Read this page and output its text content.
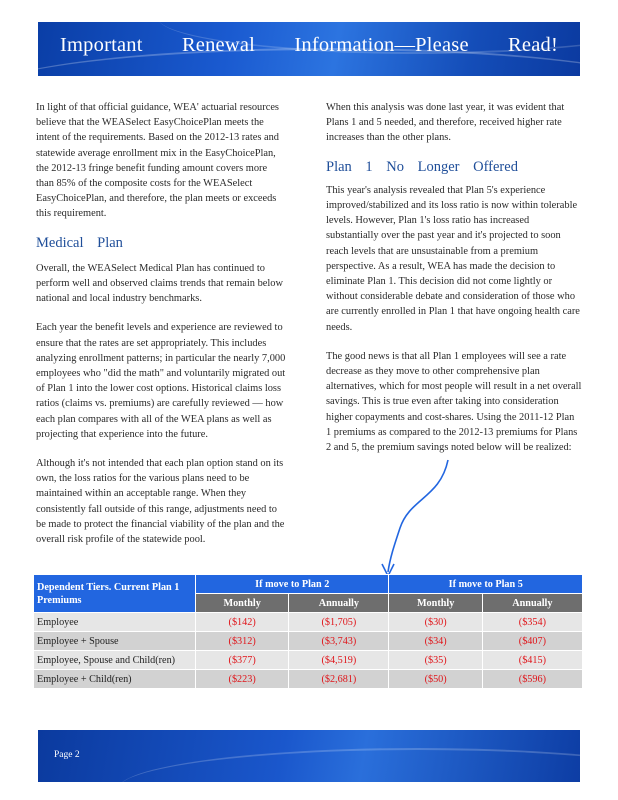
Important Renewal Information—Please Read!

In light of that official guidance, WEA' actuarial resources believe that the WEASelect EasyChoicePlan meets the intent of the requirements. Based on the 2012-13 rates and statewide average enrollment mix in the EasyChoicePlan, the 2012-13 fringe benefit funding amount covers more than 85% of the composite costs for the WEASelect EasyChoicePlan, and therefore, the plan meets or exceeds this requirement.

Medical Plan

Overall, the WEASelect Medical Plan has continued to perform well and observed claims trends that remain below national and local industry benchmarks.

Each year the benefit levels and experience are reviewed to ensure that the rates are set appropriately. This includes analyzing enrollment patterns; in particular the nearly 7,000 employees who "did the math" and voluntarily migrated out of Plan 1 into the lower cost options. Historical claims loss ratios (claims vs. premiums) are carefully reviewed — how each plan compares with all of the WEA plans as well as projecting that experience into the future.

Although it's not intended that each plan option stand on its own, the loss ratios for the various plans need to be maintained within an acceptable range. When they consistently fall outside of this range, adjustments need to be made to protect the financial viability of the plan and the overall risk profile of the statewide pool.

When this analysis was done last year, it was evident that Plans 1 and 5 needed, and therefore, received higher rate increases than the other plans.

Plan 1 No Longer Offered

This year's analysis revealed that Plan 5's experience improved/stabilized and its loss ratio is now within tolerable levels. However, Plan 1's loss ratio has increased substantially over the past year and it's projected to soon reach levels that are unsustainable from a premium perspective. As a result, WEA has made the decision to eliminate Plan 1. This decision did not come lightly or without considerable debate and consideration of those who are currently enrolled in Plan 1 that have ongoing health care needs.

The good news is that all Plan 1 employees will see a rate decrease as they move to other comprehensive plan alternatives, which for most people will result in a net overall savings. This is true even after taking into consideration higher copayments and cost-shares. Using the 2011-12 Plan 1 premiums as compared to the 2012-13 premiums for Plans 2 and 5, the premium savings noted below will be realized:

Dependent Tiers. Current Plan 1 Premiums	If move to Plan 2		If move to Plan 5	
	Monthly	Annually	Monthly	Annually
Employee	($142)	($1,705)	($30)	($354)
Employee + Spouse	($312)	($3,743)	($34)	($407)
Employee, Spouse and Child(ren)	($377)	($4,519)	($35)	($415)
Employee + Child(ren)	($223)	($2,681)	($50)	($596)
Page 2
